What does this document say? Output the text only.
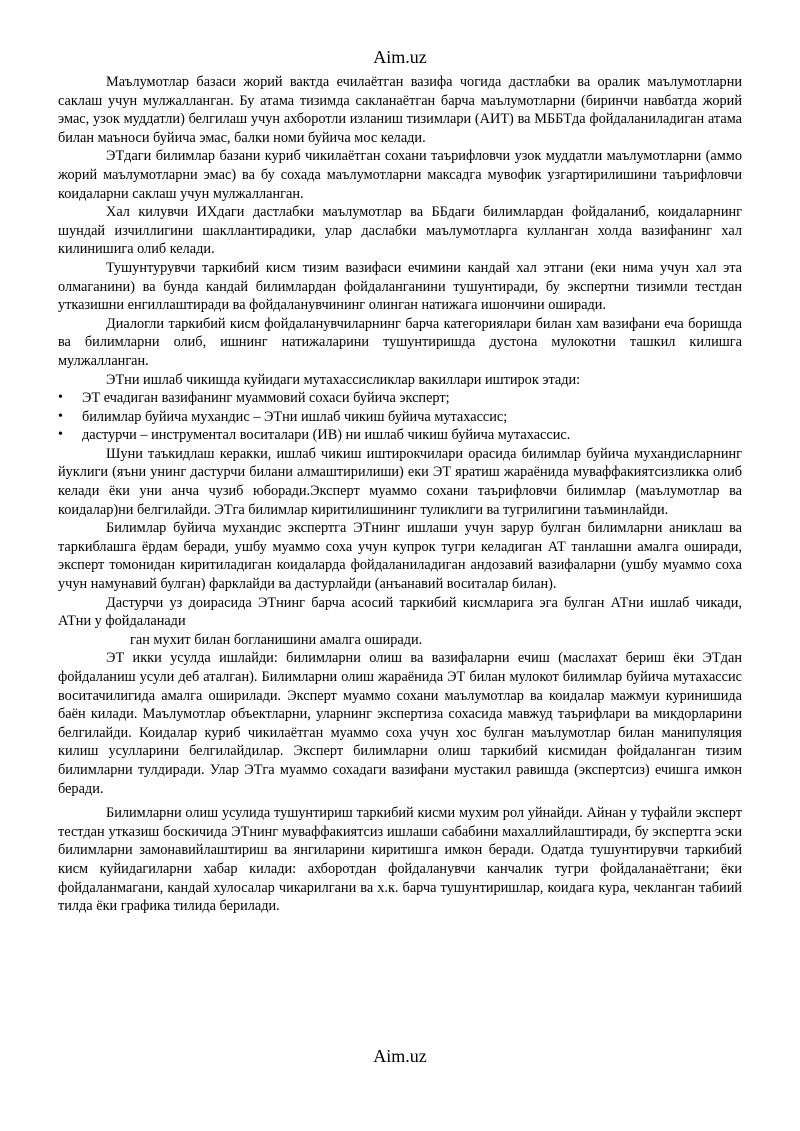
Aim.uz

Маълумотлар базаси жорий вактда ечилаётган вазифа чогида дастлабки ва оралик маълумотларни саклаш учун мулжалланган. Бу атама тизимда сакланаётган барча маълумотларни (биринчи навбатда жорий эмас, узок муддатли) белгилаш учун ахборотли изланиш тизимлари (АИТ) ва МББТда фойдаланиладиган атама билан маъноси буйича эмас, балки номи буйича мос келади.

ЭТдаги билимлар базани куриб чикилаётган сохани таърифловчи узок муддатли маълумотларни (аммо жорий маълумотларни эмас) ва бу сохада маълумотларни максадга мувофик узгартирилишини таърифловчи коидаларни саклаш учун мулжалланган.

Хал килувчи ИХдаги дастлабки маълумотлар ва ББдаги билимлардан фойдаланиб, коидаларнинг шундай изчиллигини шакллантирадики, улар даслабки маълумотларга кулланган холда вазифанинг хал килинишига олиб келади.

Тушунтурувчи таркибий кисм тизим вазифаси ечимини кандай хал этгани (еки нима учун хал эта олмаганини) ва бунда кандай билимлардан фойдаланганини тушунтиради, бу экспертни тизимли тестдан утказишни енгиллаштиради ва фойдаланувчининг олинган натижага ишончини оширади.

Диалогли таркибий кисм фойдаланувчиларнинг барча категориялари билан хам вазифани еча боришда ва билимларни олиб, ишнинг натижаларини тушунтиришда дустона мулокотни ташкил килишга мулжалланган.

ЭТни ишлаб чикишда куйидаги мутахассисликлар вакиллари иштирок этади:

• ЭТ ечадиган вазифанинг муаммовий сохаси буйича эксперт;
• билимлар буйича мухандис – ЭТни ишлаб чикиш буйича мутахассис;
• дастурчи – инструментал воситалари (ИВ) ни ишлаб чикиш буйича мутахассис.

Шуни таъкидлаш керакки, ишлаб чикиш иштирокчилари орасида билимлар буйича мухандисларнинг йуклиги (яъни унинг дастурчи билани алмаштирилиши) еки ЭТ яратиш жараёнида муваффакиятсизликка олиб келади ёки уни анча чузиб юборади.Эксперт муаммо сохани таърифловчи билимлар (маълумотлар ва коидалар)ни белгилайди. ЭТга билимлар киритилишининг туликлиги ва тугрилигини таъминлайди.

Билимлар буйича мухандис экспертга ЭТнинг ишлаши учун зарур булган билимларни аниклаш ва таркиблашга ёрдам беради, ушбу муаммо соха учун купрок тугри келадиган АТ танлашни амалга оширади, эксперт томонидан киритиладиган коидаларда фойдаланиладиган андозавий вазифаларни (ушбу муаммо соха учун намунавий булган) фарклайди ва дастурлайди (анъанавий воситалар билан).

Дастурчи уз доирасида ЭТнинг барча асосий таркибий кисмларига эга булган АТни ишлаб чикади, АТни у фойдаланади

ган мухит билан богланишини амалга оширади.

ЭТ икки усулда ишлайди: билимларни олиш ва вазифаларни ечиш (маслахат бериш ёки ЭТдан фойдаланиш усули деб аталган). Билимларни олиш жараёнида ЭТ билан мулокот билимлар буйича мутахассис воситачилигида амалга оширилади. Эксперт муаммо сохани маълумотлар ва коидалар мажмуи куринишида баён килади. Маълумотлар объектларни, уларнинг экспертиза сохасида мавжуд таърифлари ва микдорларини белгилайди. Коидалар куриб чикилаётган муаммо соха учун хос булган маълумотлар билан манипуляция килиш усулларини белгилайдилар. Эксперт билимларни олиш таркибий кисмидан фойдаланган тизим билимларни тулдиради. Улар ЭТга муаммо сохадаги вазифани мустакил равишда (экспертсиз) ечишга имкон беради.

Билимларни олиш усулида тушунтириш таркибий кисми мухим рол уйнайди. Айнан у туфайли эксперт тестдан утказиш боскичида ЭТнинг муваффакиятсиз ишлаши сабабини махаллийлаштиради, бу экспертга эски билимларни замонавийлаштириш ва янгиларини киритишга имкон беради. Одатда тушунтирувчи таркибий кисм куйидагиларни хабар килади: ахборотдан фойдаланувчи канчалик тугри фойдаланаётгани; ёки фойдаланмагани, кандай хулосалар чикарилгани ва х.к. барча тушунтиришлар, коидага кура, чекланган табиий тилда ёки графика тилида берилади.

Aim.uz
